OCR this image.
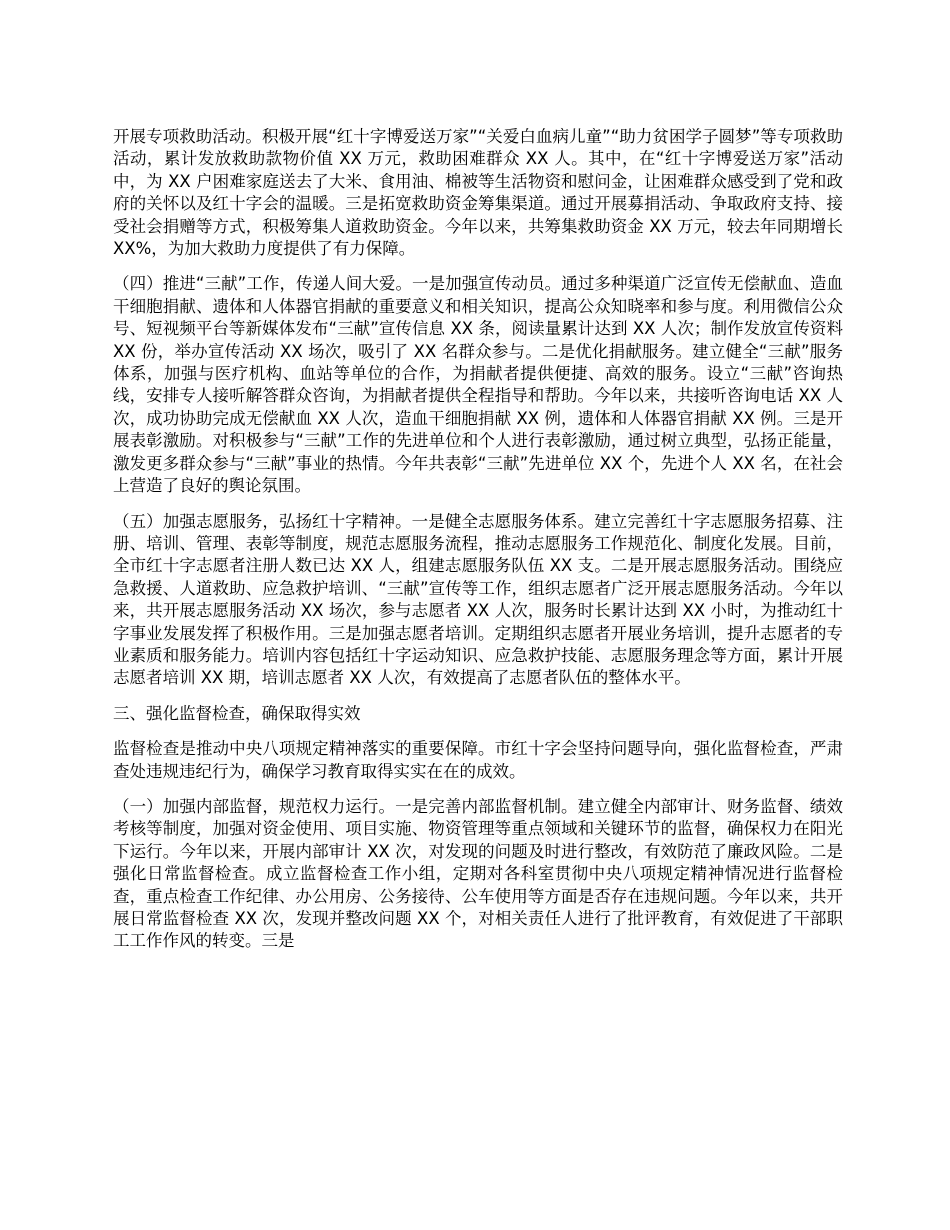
开展专项救助活动。积极开展“红十字博爱送万家”“关爱白血病儿童”“助力贫困学子圆梦”等专项救助活动，累计发放救助款物价值 XX 万元，救助困难群众 XX 人。其中，在“红十字博爱送万家”活动中，为 XX 户困难家庭送去了大米、食用油、棉被等生活物资和慰问金，让困难群众感受到了党和政府的关怀以及红十字会的温暖。三是拓宽救助资金筹集渠道。通过开展募捐活动、争取政府支持、接受社会捐赠等方式，积极筹集人道救助资金。今年以来，共筹集救助资金 XX 万元，较去年同期增长 XX%，为加大救助力度提供了有力保障。

（四）推进“三献”工作，传递人间大爱。一是加强宣传动员。通过多种渠道广泛宣传无偿献血、造血干细胞捐献、遗体和人体器官捐献的重要意义和相关知识，提高公众知晓率和参与度。利用微信公众号、短视频平台等新媒体发布“三献”宣传信息 XX 条，阅读量累计达到 XX 人次；制作发放宣传资料 XX 份，举办宣传活动 XX 场次，吸引了 XX 名群众参与。二是优化捐献服务。建立健全“三献”服务体系，加强与医疗机构、血站等单位的合作，为捐献者提供便捷、高效的服务。设立“三献”咨询热线，安排专人接听解答群众咨询，为捐献者提供全程指导和帮助。今年以来，共接听咨询电话 XX 人次，成功协助完成无偿献血 XX 人次，造血干细胞捐献 XX 例，遗体和人体器官捐献 XX 例。三是开展表彰激励。对积极参与“三献”工作的先进单位和个人进行表彰激励，通过树立典型，弘扬正能量，激发更多群众参与“三献”事业的热情。今年共表彰“三献”先进单位 XX 个，先进个人 XX 名，在社会上营造了良好的舆论氛围。

（五）加强志愿服务，弘扬红十字精神。一是健全志愿服务体系。建立完善红十字志愿服务招募、注册、培训、管理、表彰等制度，规范志愿服务流程，推动志愿服务工作规范化、制度化发展。目前，全市红十字志愿者注册人数已达 XX 人，组建志愿服务队伍 XX 支。二是开展志愿服务活动。围绕应急救援、人道救助、应急救护培训、“三献”宣传等工作，组织志愿者广泛开展志愿服务活动。今年以来，共开展志愿服务活动 XX 场次，参与志愿者 XX 人次，服务时长累计达到 XX 小时，为推动红十字事业发展发挥了积极作用。三是加强志愿者培训。定期组织志愿者开展业务培训，提升志愿者的专业素质和服务能力。培训内容包括红十字运动知识、应急救护技能、志愿服务理念等方面，累计开展志愿者培训 XX 期，培训志愿者 XX 人次，有效提高了志愿者队伍的整体水平。

三、强化监督检查，确保取得实效

监督检查是推动中央八项规定精神落实的重要保障。市红十字会坚持问题导向，强化监督检查，严肃查处违规违纪行为，确保学习教育取得实实在在的成效。

（一）加强内部监督，规范权力运行。一是完善内部监督机制。建立健全内部审计、财务监督、绩效考核等制度，加强对资金使用、项目实施、物资管理等重点领域和关键环节的监督，确保权力在阳光下运行。今年以来，开展内部审计 XX 次，对发现的问题及时进行整改，有效防范了廉政风险。二是强化日常监督检查。成立监督检查工作小组，定期对各科室贯彻中央八项规定精神情况进行监督检查，重点检查工作纪律、办公用房、公务接待、公车使用等方面是否存在违规问题。今年以来，共开展日常监督检查 XX 次，发现并整改问题 XX 个，对相关责任人进行了批评教育，有效促进了干部职工工作作风的转变。三是
